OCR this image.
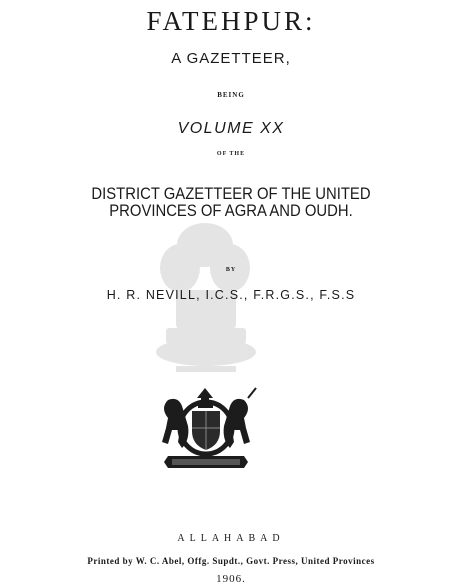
FATEHPUR:
A GAZETTEER,
BEING
VOLUME XX
OF THE
DISTRICT GAZETTEER OF THE UNITED
PROVINCES OF AGRA AND OUDH.
BY
H. R. NEVILL, I.C.S., F.R.G.S., F.S.S
ALLAHABAD
Printed by W. C. Abel, Offg. Supdt., Govt. Press, United Provinces
1906.
